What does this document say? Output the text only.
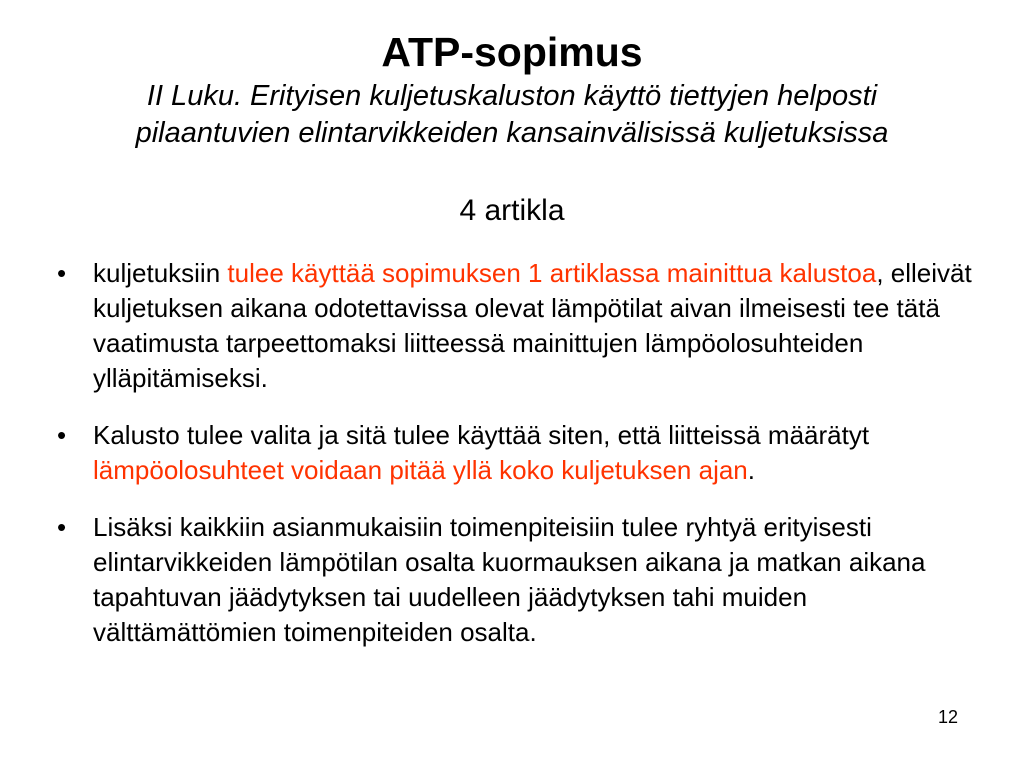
ATP-sopimus
II Luku. Erityisen kuljetuskaluston käyttö tiettyjen helposti
pilaantuvien elintarvikkeiden kansainvälisissä kuljetuksissa
4 artikla
• kuljetuksiin tulee käyttää sopimuksen 1 artiklassa mainittua kalustoa, elleivät kuljetuksen aikana odotettavissa olevat lämpötilat aivan ilmeisesti tee tätä vaatimusta tarpeettomaksi liitteessä mainittujen lämpöolosuhteiden ylläpitämiseksi.
• Kalusto tulee valita ja sitä tulee käyttää siten, että liitteissä määrätyt lämpöolosuhteet voidaan pitää yllä koko kuljetuksen ajan.
• Lisäksi kaikkiin asianmukaisiin toimenpiteisiin tulee ryhtyä erityisesti elintarvikkeiden lämpötilan osalta kuormauksen aikana ja matkan aikana tapahtuvan jäädytyksen tai uudelleen jäädytyksen tahi muiden välttämättömien toimenpiteiden osalta.
12
